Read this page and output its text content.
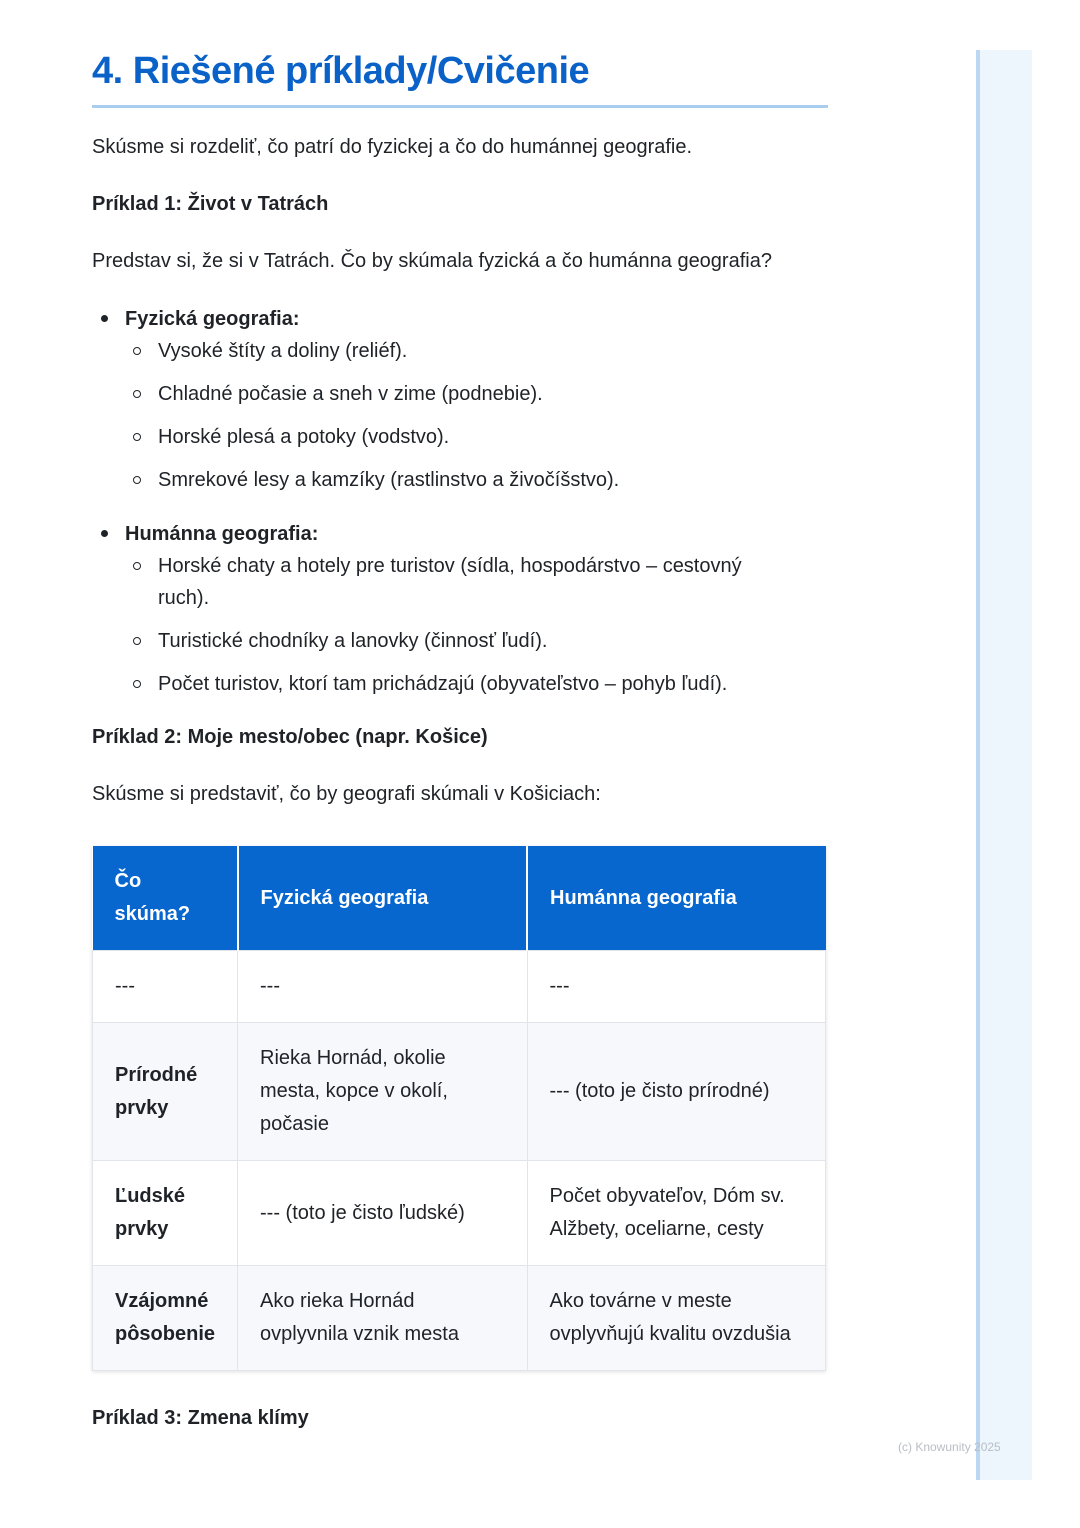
4. Riešené príklady/Cvičenie

Skúsme si rozdeliť, čo patrí do fyzickej a čo do humánnej geografie.

Príklad 1: Život v Tatrách

Predstav si, že si v Tatrách. Čo by skúmala fyzická a čo humánna geografia?

Fyzická geografia:
Vysoké štíty a doliny (reliéf).
Chladné počasie a sneh v zime (podnebie).
Horské plesá a potoky (vodstvo).
Smrekové lesy a kamzíky (rastlinstvo a živočíšstvo).
Humánna geografia:
Horské chaty a hotely pre turistov (sídla, hospodárstvo – cestovný ruch).
Turistické chodníky a lanovky (činnosť ľudí).
Počet turistov, ktorí tam prichádzajú (obyvateľstvo – pohyb ľudí).

Príklad 2: Moje mesto/obec (napr. Košice)

Skúsme si predstaviť, čo by geografi skúmali v Košiciach:

Čo skúma?	Fyzická geografia	Humánna geografia
---	---	---
Prírodné prvky	Rieka Hornád, okolie mesta, kopce v okolí, počasie	--- (toto je čisto prírodné)
Ľudské prvky	--- (toto je čisto ľudské)	Počet obyvateľov, Dóm sv. Alžbety, oceliarne, cesty
Vzájomné pôsobenie	Ako rieka Hornád ovplyvnila vznik mesta	Ako továrne v meste ovplyvňujú kvalitu ovzdušia

Príklad 3: Zmena klímy

(c) Knowunity 2025
